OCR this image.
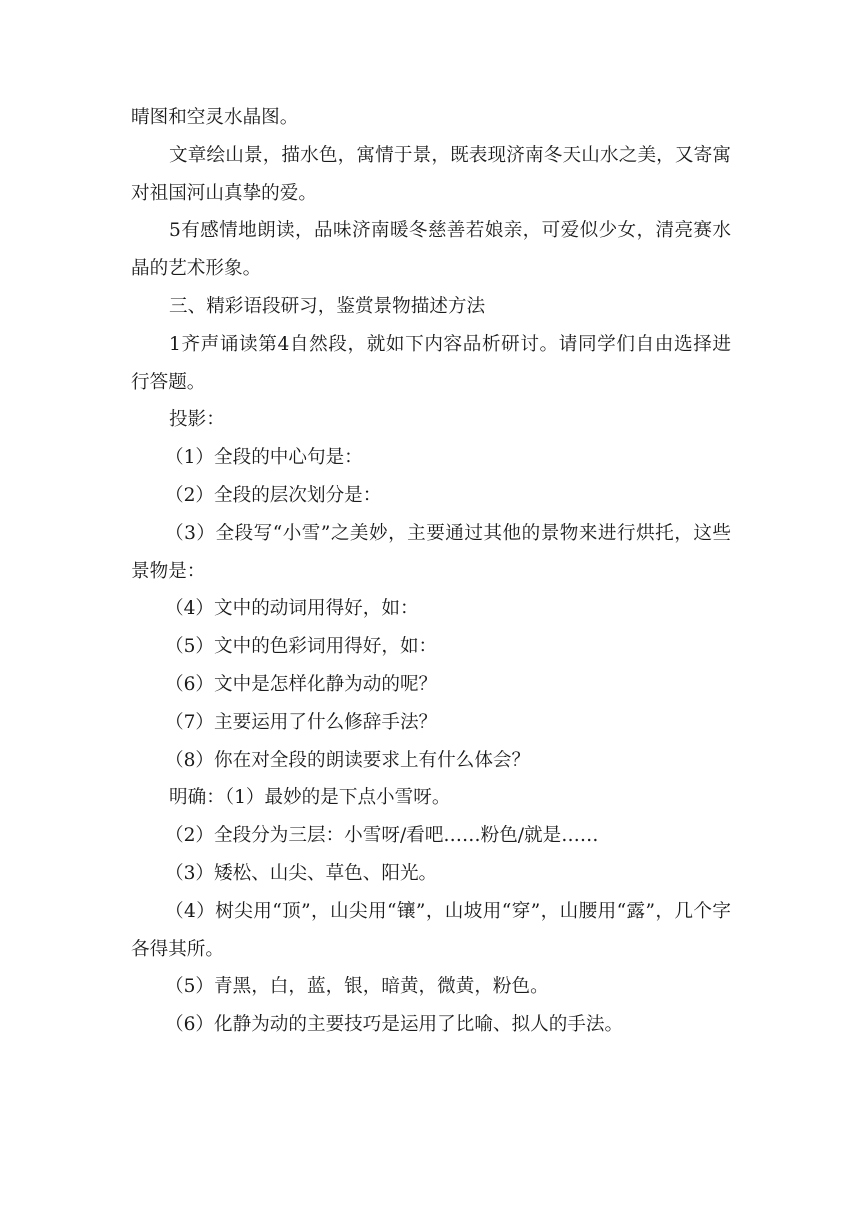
晴图和空灵水晶图。

文章绘山景，描水色，寓情于景，既表现济南冬天山水之美，又寄寓对祖国河山真挚的爱。

5有感情地朗读，品味济南暖冬慈善若娘亲，可爱似少女，清亮赛水晶的艺术形象。

三、精彩语段研习，鉴赏景物描述方法

1齐声诵读第4自然段，就如下内容品析研讨。请同学们自由选择进行答题。

投影：

（1）全段的中心句是：

（2）全段的层次划分是：

（3）全段写“小雪”之美妙，主要通过其他的景物来进行烘托，这些景物是：

（4）文中的动词用得好，如：

（5）文中的色彩词用得好，如：

（6）文中是怎样化静为动的呢？

（7）主要运用了什么修辞手法？

（8）你在对全段的朗读要求上有什么体会？

明确：（1）最妙的是下点小雪呀。

（2）全段分为三层：小雪呀/看吧……粉色/就是……

（3）矮松、山尖、草色、阳光。

（4）树尖用“顶”，山尖用“镶”，山坡用“穿”，山腰用“露”，几个字各得其所。

（5）青黑，白，蓝，银，暗黄，微黄，粉色。

（6）化静为动的主要技巧是运用了比喻、拟人的手法。
